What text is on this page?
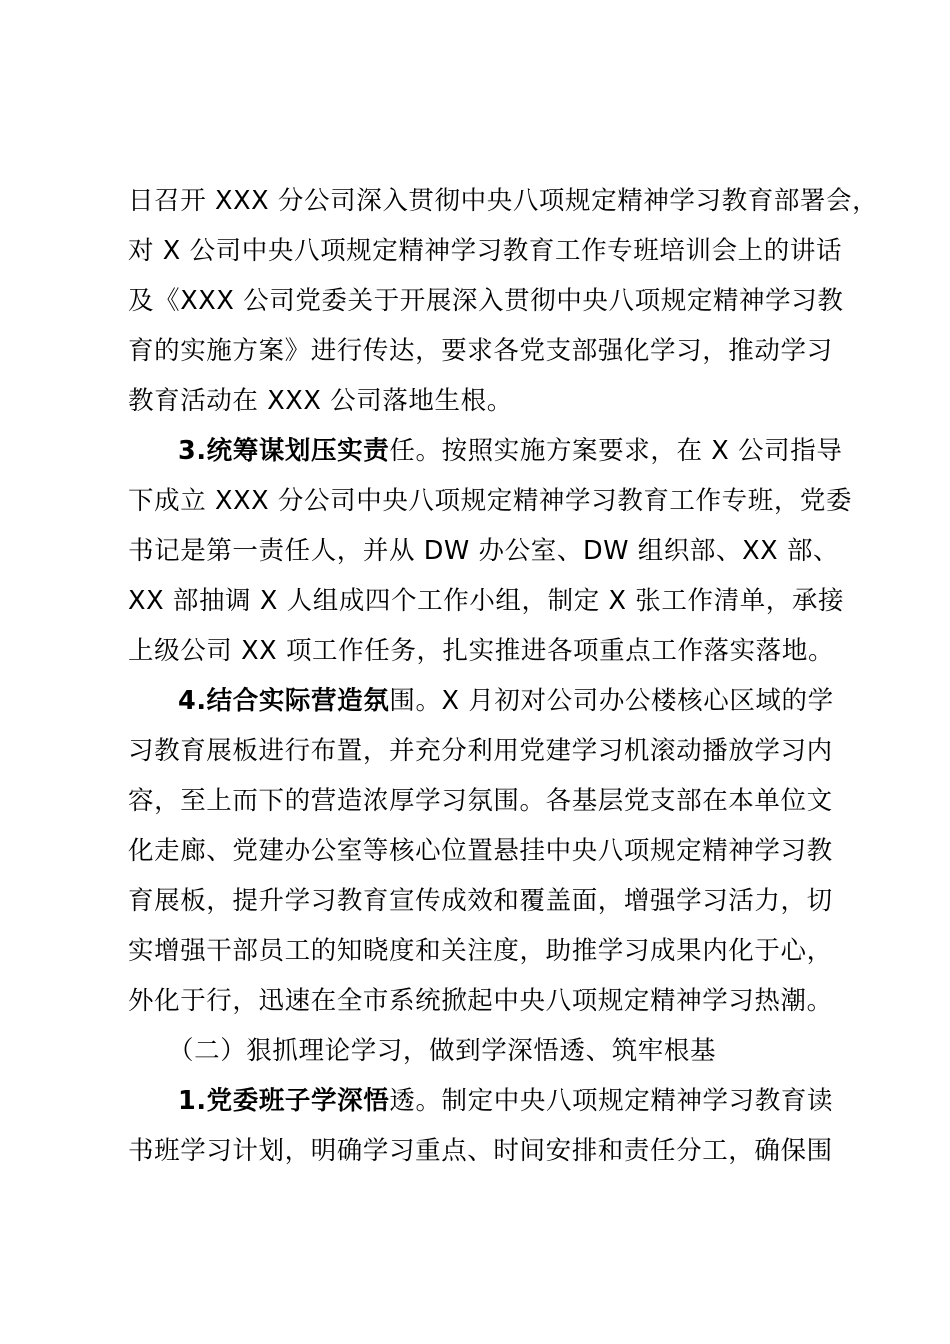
日召开 XXX 分公司深入贯彻中央八项规定精神学习教育部署会，
对 X 公司中央八项规定精神学习教育工作专班培训会上的讲话
及《XXX 公司党委关于开展深入贯彻中央八项规定精神学习教
育的实施方案》进行传达，要求各党支部强化学习，推动学习
教育活动在 XXX 公司落地生根。
3.统筹谋划压实责任。按照实施方案要求，在 X 公司指导
下成立 XXX 分公司中央八项规定精神学习教育工作专班，党委
书记是第一责任人，并从 DW 办公室、DW 组织部、XX 部、
XX 部抽调 X 人组成四个工作小组，制定 X 张工作清单，承接
上级公司 XX 项工作任务，扎实推进各项重点工作落实落地。
4.结合实际营造氛围。X 月初对公司办公楼核心区域的学
习教育展板进行布置，并充分利用党建学习机滚动播放学习内
容，至上而下的营造浓厚学习氛围。各基层党支部在本单位文
化走廊、党建办公室等核心位置悬挂中央八项规定精神学习教
育展板，提升学习教育宣传成效和覆盖面，增强学习活力，切
实增强干部员工的知晓度和关注度，助推学习成果内化于心，
外化于行，迅速在全市系统掀起中央八项规定精神学习热潮。
（二）狠抓理论学习，做到学深悟透、筑牢根基
1.党委班子学深悟透。制定中央八项规定精神学习教育读
书班学习计划，明确学习重点、时间安排和责任分工，确保围
